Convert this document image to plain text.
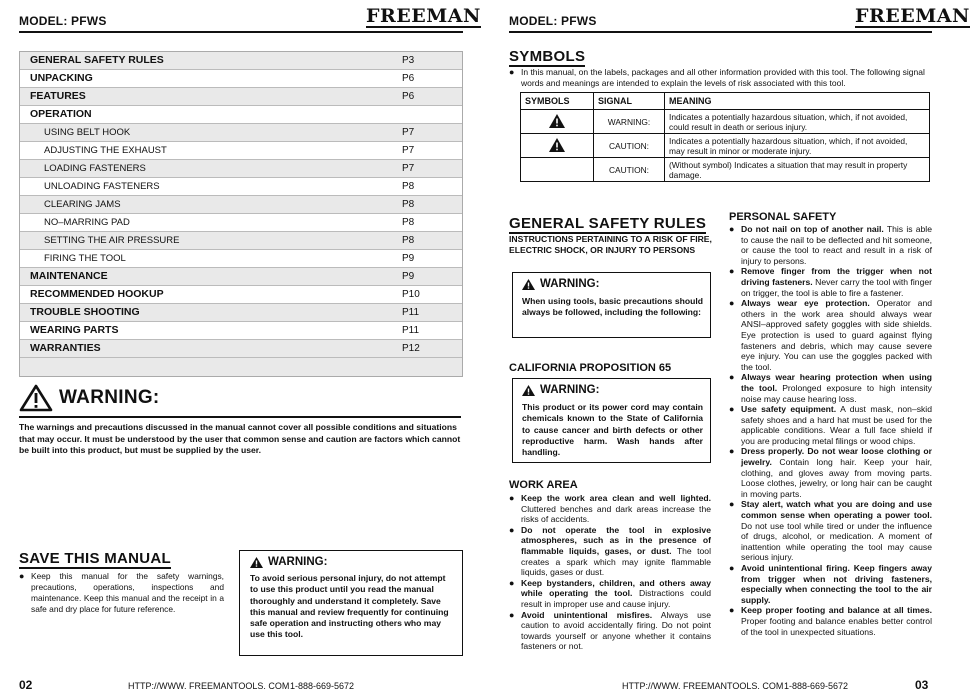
MODEL: PFWS	FREEMAN
GENERAL SAFETY RULES	P3
UNPACKING	P6
FEATURES	P6
OPERATION
USING BELT HOOK	P7
ADJUSTING THE EXHAUST	P7
LOADING FASTENERS	P7
UNLOADING FASTENERS	P8
CLEARING JAMS	P8
NO–MARRING PAD	P8
SETTING THE AIR PRESSURE	P8
FIRING THE TOOL	P9
MAINTENANCE	P9
RECOMMENDED HOOKUP	P10
TROUBLE SHOOTING	P11
WEARING PARTS	P11
WARRANTIES	P12
WARNING:
The warnings and precautions discussed in the manual cannot cover all possible conditions and situations that may occur. It must be understood by the user that common sense and caution are factors which cannot be built into this product, but must be supplied by the user.
SAVE THIS MANUAL
● Keep this manual for the safety warnings, precautions, operations, inspections and maintenance. Keep this manual and the receipt in a safe and dry place for future reference.
WARNING:
To avoid serious personal injury, do not attempt to use this product until you read the manual thoroughly and understand it completely. Save this manual and review frequently for continuing safe operation and instructing others who may use this tool.
02	HTTP://WWW. FREEMANTOOLS. COM 1-888-669-5672
MODEL: PFWS	FREEMAN
SYMBOLS
● In this manual, on the labels, packages and all other information provided with this tool. The following signal words and meanings are intended to explain the levels of risk associated with this tool.
SYMBOLS	SIGNAL	MEANING
	WARNING:	Indicates a potentially hazardous situation, which, if not avoided, could result in death or serious injury.
	CAUTION:	Indicates a potentially hazardous situation, which, if not avoided, may result in minor or moderate injury.
	CAUTION:	(Without symbol) Indicates a situation that may result in property damage.
GENERAL SAFETY RULES
INSTRUCTIONS PERTAINING TO A RISK OF FIRE, ELECTRIC SHOCK, OR INJURY TO PERSONS
WARNING:
When using tools, basic precautions should always be followed, including the following:
CALIFORNIA PROPOSITION 65
WARNING:
This product or its power cord may contain chemicals known to the State of California to cause cancer and birth defects or other reproductive harm. Wash hands after handling.
WORK AREA
● Keep the work area clean and well lighted. Cluttered benches and dark areas increase the risks of accidents.
● Do not operate the tool in explosive atmospheres, such as in the presence of flammable liquids, gases, or dust. The tool creates a spark which may ignite flammable liquids, gases or dust.
● Keep bystanders, children, and others away while operating the tool. Distractions could result in improper use and cause injury.
● Avoid unintentional misfires. Always use caution to avoid accidentally firing. Do not point towards yourself or anyone whether it contains fasteners or not.
PERSONAL SAFETY
● Do not nail on top of another nail. This is able to cause the nail to be deflected and hit someone, or cause the tool to react and result in a risk of injury to persons.
● Remove finger from the trigger when not driving fasteners. Never carry the tool with finger on trigger, the tool is able to fire a fastener.
● Always wear eye protection. Operator and others in the work area should always wear ANSI–approved safety goggles with side shields. Eye protection is used to guard against flying fasteners and debris, which may cause severe eye injury. You can use the goggles packed with the tool.
● Always wear hearing protection when using the tool. Prolonged exposure to high intensity noise may cause hearing loss.
● Use safety equipment. A dust mask, non–skid safety shoes and a hard hat must be used for the applicable conditions. Wear a full face shield if you are producing metal filings or wood chips.
● Dress properly. Do not wear loose clothing or jewelry. Contain long hair. Keep your hair, clothing, and gloves away from moving parts. Loose clothes, jewelry, or long hair can be caught in moving parts.
● Stay alert, watch what you are doing and use common sense when operating a power tool. Do not use tool while tired or under the influence of drugs, alcohol, or medication. A moment of inattention while operating the tool may cause serious injury.
● Avoid unintentional firing. Keep fingers away from trigger when not driving fasteners, especially when connecting the tool to the air supply.
● Keep proper footing and balance at all times. Proper footing and balance enables better control of the tool in unexpected situations.
HTTP://WWW. FREEMANTOOLS. COM 1-888-669-5672	03
